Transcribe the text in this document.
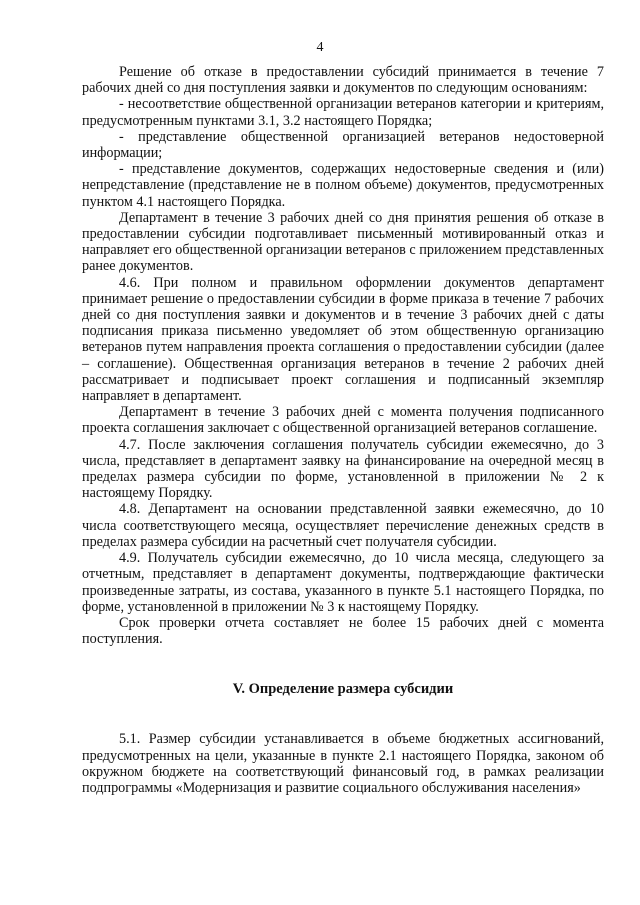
4

Решение об отказе в предоставлении субсидий принимается в течение 7 рабочих дней со дня поступления заявки и документов по следующим основаниям:

- несоответствие общественной организации ветеранов категории и критериям, предусмотренным пунктами 3.1, 3.2 настоящего Порядка;

- представление общественной организацией ветеранов недостоверной информации;

- представление документов, содержащих недостоверные сведения и (или) непредставление (представление не в полном объеме) документов, предусмотренных пунктом 4.1 настоящего Порядка.

Департамент в течение 3 рабочих дней со дня принятия решения об отказе в предоставлении субсидии подготавливает письменный мотивированный отказ и направляет его общественной организации ветеранов с приложением представленных ранее документов.

4.6. При полном и правильном оформлении документов департамент принимает решение о предоставлении субсидии в форме приказа в течение 7 рабочих дней со дня поступления заявки и документов и в течение 3 рабочих дней с даты подписания приказа письменно уведомляет об этом общественную организацию ветеранов путем направления проекта соглашения о предоставлении субсидии (далее – соглашение). Общественная организация ветеранов в течение 2 рабочих дней рассматривает и подписывает проект соглашения и подписанный экземпляр направляет в департамент.

Департамент в течение 3 рабочих дней с момента получения подписанного проекта соглашения заключает с общественной организацией ветеранов соглашение.

4.7. После заключения соглашения получатель субсидии ежемесячно, до 3 числа, представляет в департамент заявку на финансирование на очередной месяц в пределах размера субсидии по форме, установленной в приложении № 2 к настоящему Порядку.

4.8. Департамент на основании представленной заявки ежемесячно, до 10 числа соответствующего месяца, осуществляет перечисление денежных средств в пределах размера субсидии на расчетный счет получателя субсидии.

4.9. Получатель субсидии ежемесячно, до 10 числа месяца, следующего за отчетным, представляет в департамент документы, подтверждающие фактически произведенные затраты, из состава, указанного в пункте 5.1 настоящего Порядка, по форме, установленной в приложении № 3 к настоящему Порядку.

Срок проверки отчета составляет не более 15 рабочих дней с момента поступления.

V. Определение размера субсидии

5.1. Размер субсидии устанавливается в объеме бюджетных ассигнований, предусмотренных на цели, указанные в пункте 2.1 настоящего Порядка, законом об окружном бюджете на соответствующий финансовый год, в рамках реализации подпрограммы «Модернизация и развитие социального обслуживания населения»
